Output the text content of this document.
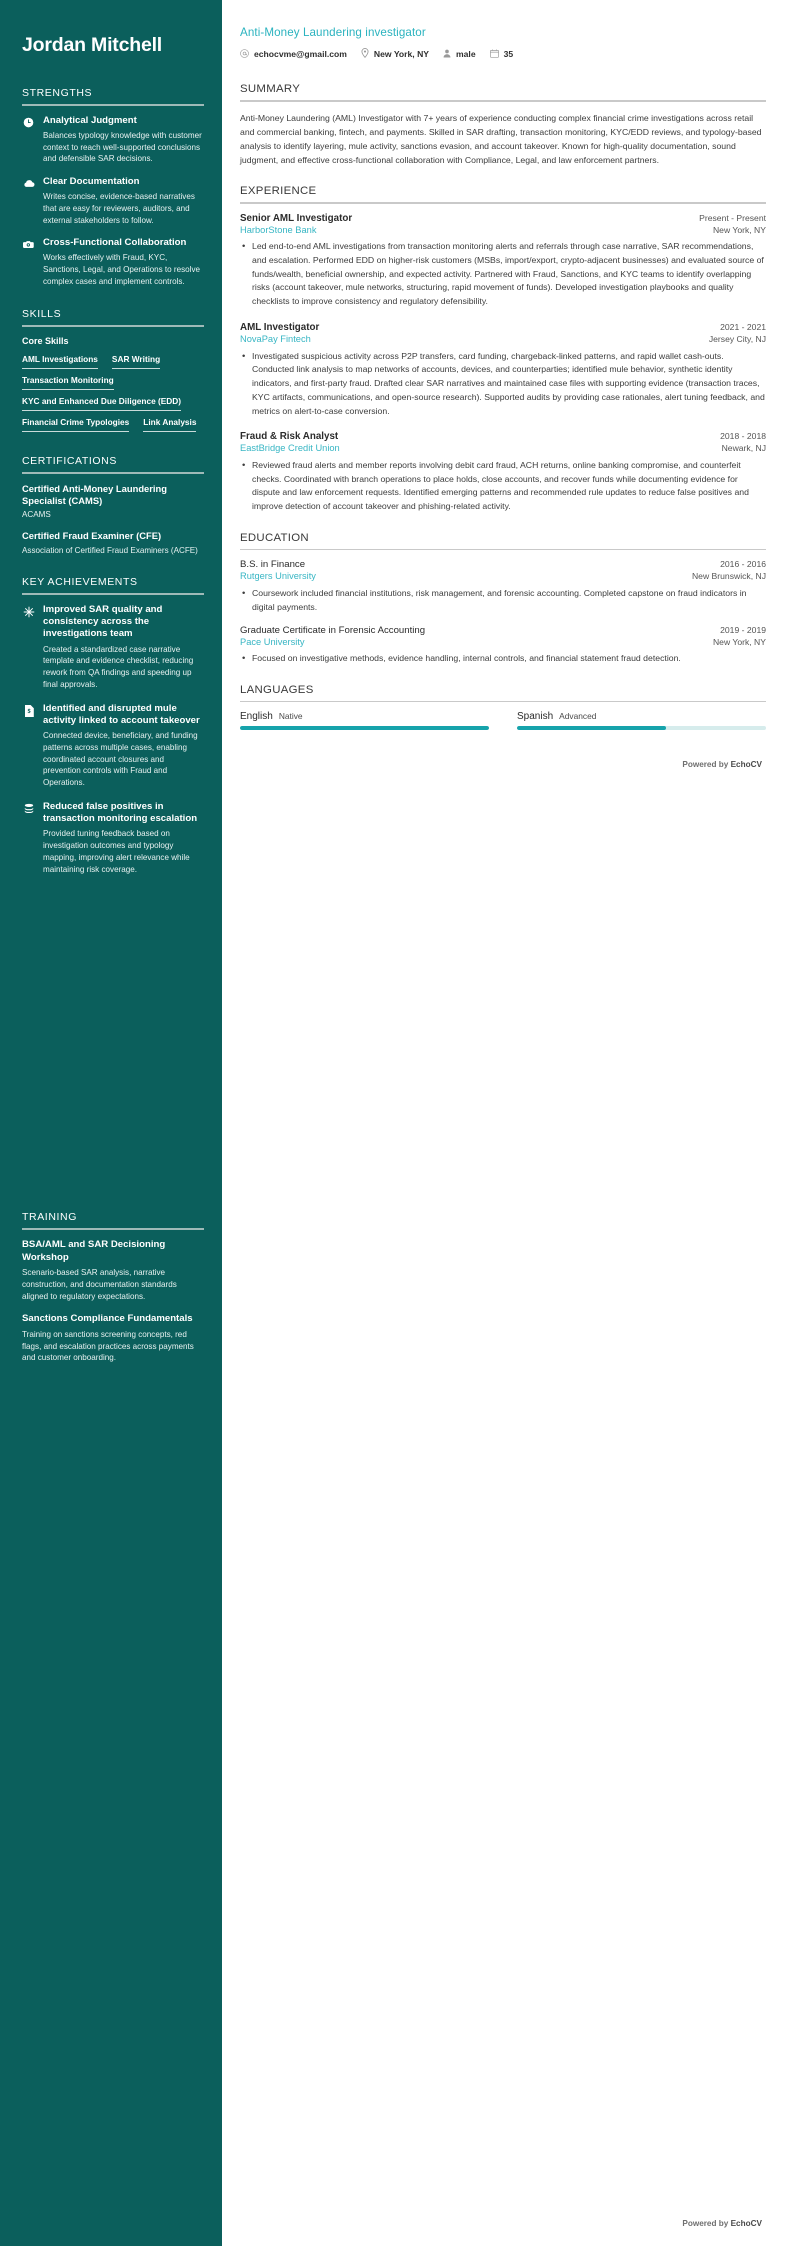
Jordan Mitchell
STRENGTHS
Analytical Judgment
Balances typology knowledge with customer context to reach well-supported conclusions and defensible SAR decisions.
Clear Documentation
Writes concise, evidence-based narratives that are easy for reviewers, auditors, and external stakeholders to follow.
Cross-Functional Collaboration
Works effectively with Fraud, KYC, Sanctions, Legal, and Operations to resolve complex cases and implement controls.
SKILLS
Core Skills
AML Investigations SAR Writing
Transaction Monitoring
KYC and Enhanced Due Diligence (EDD)
Financial Crime Typologies Link Analysis
CERTIFICATIONS
Certified Anti-Money Laundering Specialist (CAMS)
ACAMS
Certified Fraud Examiner (CFE)
Association of Certified Fraud Examiners (ACFE)
KEY ACHIEVEMENTS
Improved SAR quality and consistency across the investigations team
Created a standardized case narrative template and evidence checklist, reducing rework from QA findings and speeding up final approvals.
Identified and disrupted mule activity linked to account takeover
Connected device, beneficiary, and funding patterns across multiple cases, enabling coordinated account closures and prevention controls with Fraud and Operations.
Reduced false positives in transaction monitoring escalation
Provided tuning feedback based on investigation outcomes and typology mapping, improving alert relevance while maintaining risk coverage.
TRAINING
BSA/AML and SAR Decisioning Workshop
Scenario-based SAR analysis, narrative construction, and documentation standards aligned to regulatory expectations.
Sanctions Compliance Fundamentals
Training on sanctions screening concepts, red flags, and escalation practices across payments and customer onboarding.
Anti-Money Laundering investigator
echocvme@gmail.com	New York, NY	male	35
SUMMARY

Anti-Money Laundering (AML) Investigator with 7+ years of experience conducting complex financial crime investigations across retail and commercial banking, fintech, and payments. Skilled in SAR drafting, transaction monitoring, KYC/EDD reviews, and typology-based analysis to identify layering, mule activity, sanctions evasion, and account takeover. Known for high-quality documentation, sound judgment, and effective cross-functional collaboration with Compliance, Legal, and law enforcement partners.

EXPERIENCE
Senior AML Investigator	Present - Present
HarborStone Bank	New York, NY
• Led end-to-end AML investigations from transaction monitoring alerts and referrals through case narrative, SAR recommendations, and escalation. Performed EDD on higher-risk customers (MSBs, import/export, crypto-adjacent businesses) and evaluated source of funds/wealth, beneficial ownership, and expected activity. Partnered with Fraud, Sanctions, and KYC teams to identify overlapping risks (account takeover, mule networks, structuring, rapid movement of funds). Developed investigation playbooks and quality checklists to improve consistency and regulatory defensibility.
AML Investigator	2021 - 2021
NovaPay Fintech	Jersey City, NJ
• Investigated suspicious activity across P2P transfers, card funding, chargeback-linked patterns, and rapid wallet cash-outs. Conducted link analysis to map networks of accounts, devices, and counterparties; identified mule behavior, synthetic identity indicators, and first-party fraud. Drafted clear SAR narratives and maintained case files with supporting evidence (transaction traces, KYC artifacts, communications, and open-source research). Supported audits by providing case rationales, alert tuning feedback, and metrics on alert-to-case conversion.
Fraud & Risk Analyst	2018 - 2018
EastBridge Credit Union	Newark, NJ
• Reviewed fraud alerts and member reports involving debit card fraud, ACH returns, online banking compromise, and counterfeit checks. Coordinated with branch operations to place holds, close accounts, and recover funds while documenting evidence for dispute and law enforcement requests. Identified emerging patterns and recommended rule updates to reduce false positives and improve detection of account takeover and phishing-related activity.
EDUCATION
B.S. in Finance	2016 - 2016
Rutgers University	New Brunswick, NJ
• Coursework included financial institutions, risk management, and forensic accounting. Completed capstone on fraud indicators in digital payments.
Graduate Certificate in Forensic Accounting	2019 - 2019
Pace University	New York, NY
• Focused on investigative methods, evidence handling, internal controls, and financial statement fraud detection.
LANGUAGES
English Native	Spanish Advanced
Powered by EchoCV
Powered by EchoCV
